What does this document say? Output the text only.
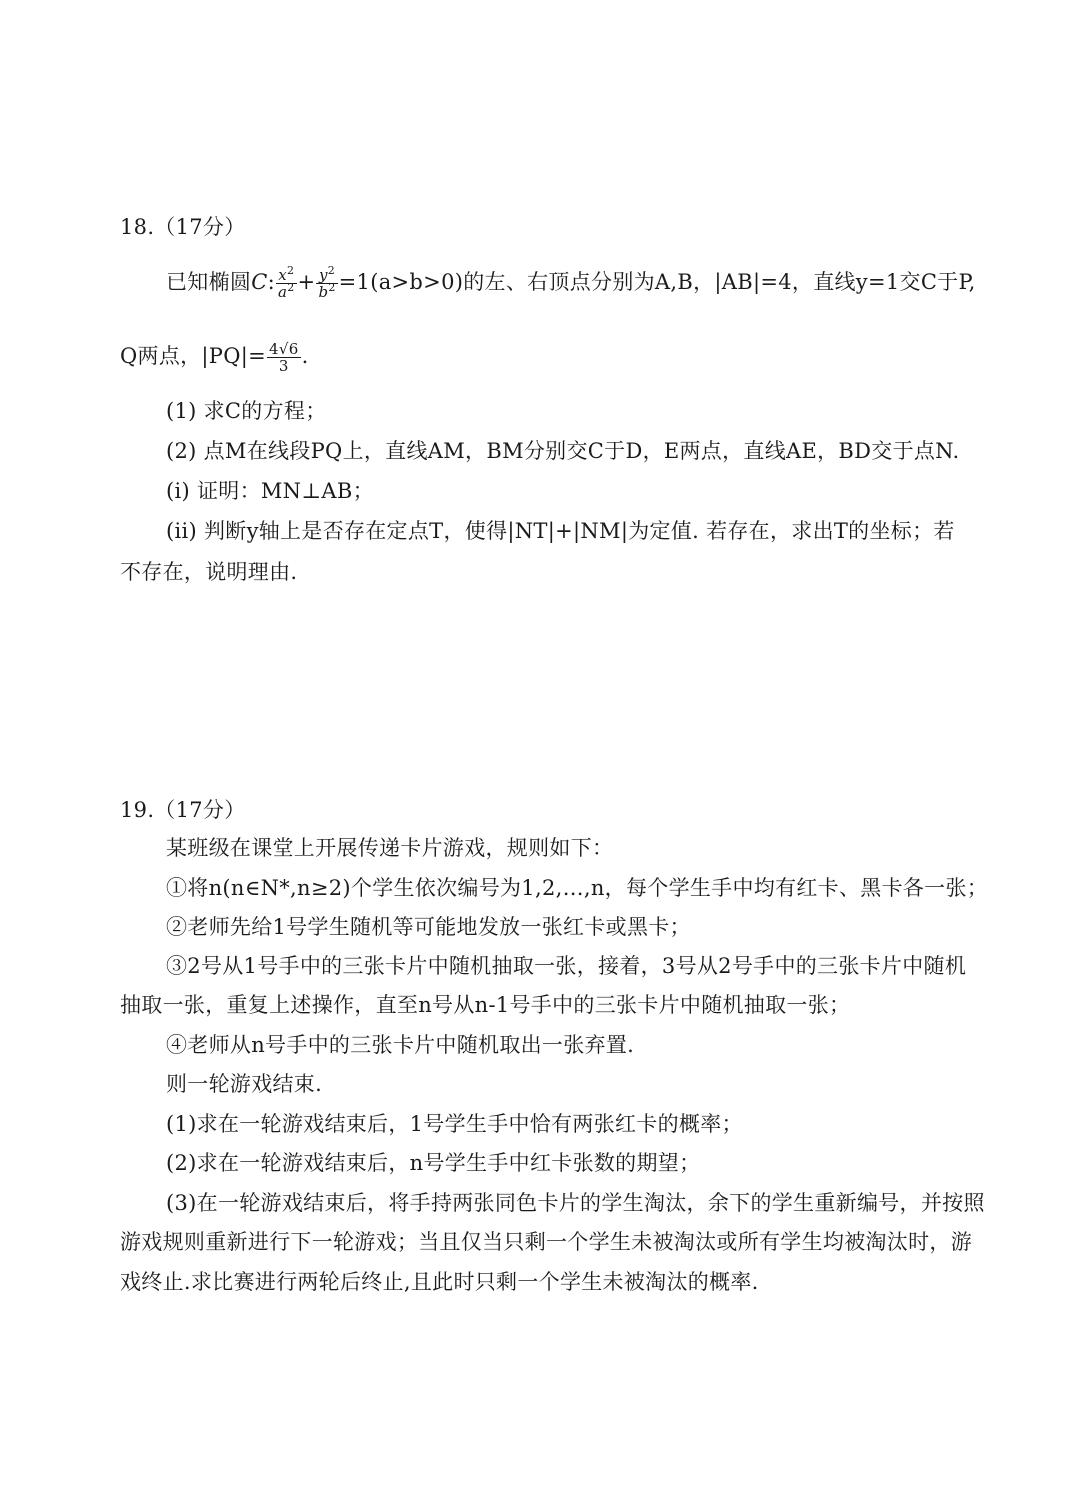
18.（17分）
已知椭圆C: $\frac{x^2}{a^2} + \frac{y^2}{b^2} =1(a>b>0)$的左、右顶点分别为A,B，|AB|=4，直线y=1交C于P,
Q两点，$|PQ|= \frac{4√6}{3}$ .
(1) 求C的方程；
(2) 点M在线段PQ上，直线AM，BM分别交C于D，E两点，直线AE，BD交于点N.
(i) 证明：MN⊥AB；
(ii) 判断y轴上是否存在定点T，使得|NT|+|NM|为定值. 若存在，求出T的坐标；若
不存在，说明理由.
19.（17分）
某班级在课堂上开展传递卡片游戏，规则如下：
①将n(n∈N*,n≥2)个学生依次编号为1,2,…,n，每个学生手中均有红卡、黑卡各一张；
②老师先给1号学生随机等可能地发放一张红卡或黑卡；
③2号从1号手中的三张卡片中随机抽取一张，接着，3号从2号手中的三张卡片中随机
抽取一张，重复上述操作，直至n号从n-1号手中的三张卡片中随机抽取一张；
④老师从n号手中的三张卡片中随机取出一张弃置.
则一轮游戏结束.
(1)求在一轮游戏结束后，1号学生手中恰有两张红卡的概率；
(2)求在一轮游戏结束后，n号学生手中红卡张数的期望；
(3)在一轮游戏结束后，将手持两张同色卡片的学生淘汰，余下的学生重新编号，并按照
游戏规则重新进行下一轮游戏；当且仅当只剩一个学生未被淘汰或所有学生均被淘汰时，游
戏终止.求比赛进行两轮后终止,且此时只剩一个学生未被淘汰的概率.
